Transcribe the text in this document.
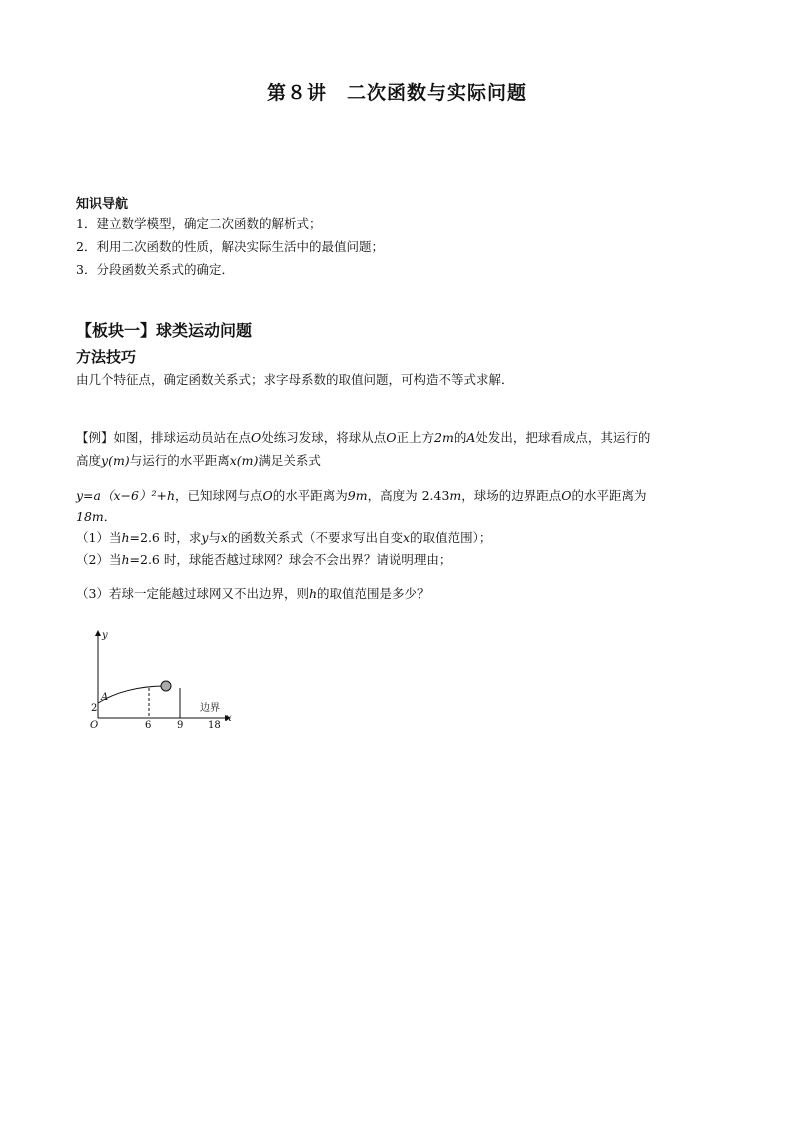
第８讲　二次函数与实际问题
知识导航
1．建立数学模型，确定二次函数的解析式；
2．利用二次函数的性质，解决实际生活中的最值问题；
3．分段函数关系式的确定．
【板块一】球类运动问题
方法技巧
由几个特征点，确定函数关系式；求字母系数的取值问题，可构造不等式求解．
【例】如图，排球运动员站在点O处练习发球，将球从点O正上方2m的A处发出，把球看成点，其运行的
高度y(m)与运行的水平距离x(m)满足关系式
y=a（x−6）²+h，已知球网与点O的水平距离为9m，高度为 2.43m，球场的边界距点O的水平距离为
18m．
（1）当h=2.6 时，求y与x的函数关系式（不要求写出自变x的取值范围）；
（2）当h=2.6 时，球能否越过球网？球会不会出界？请说明理由；
（3）若球一定能越过球网又不出边界，则h的取值范围是多少？
y
x
O
A
2
6	9 18
边界
